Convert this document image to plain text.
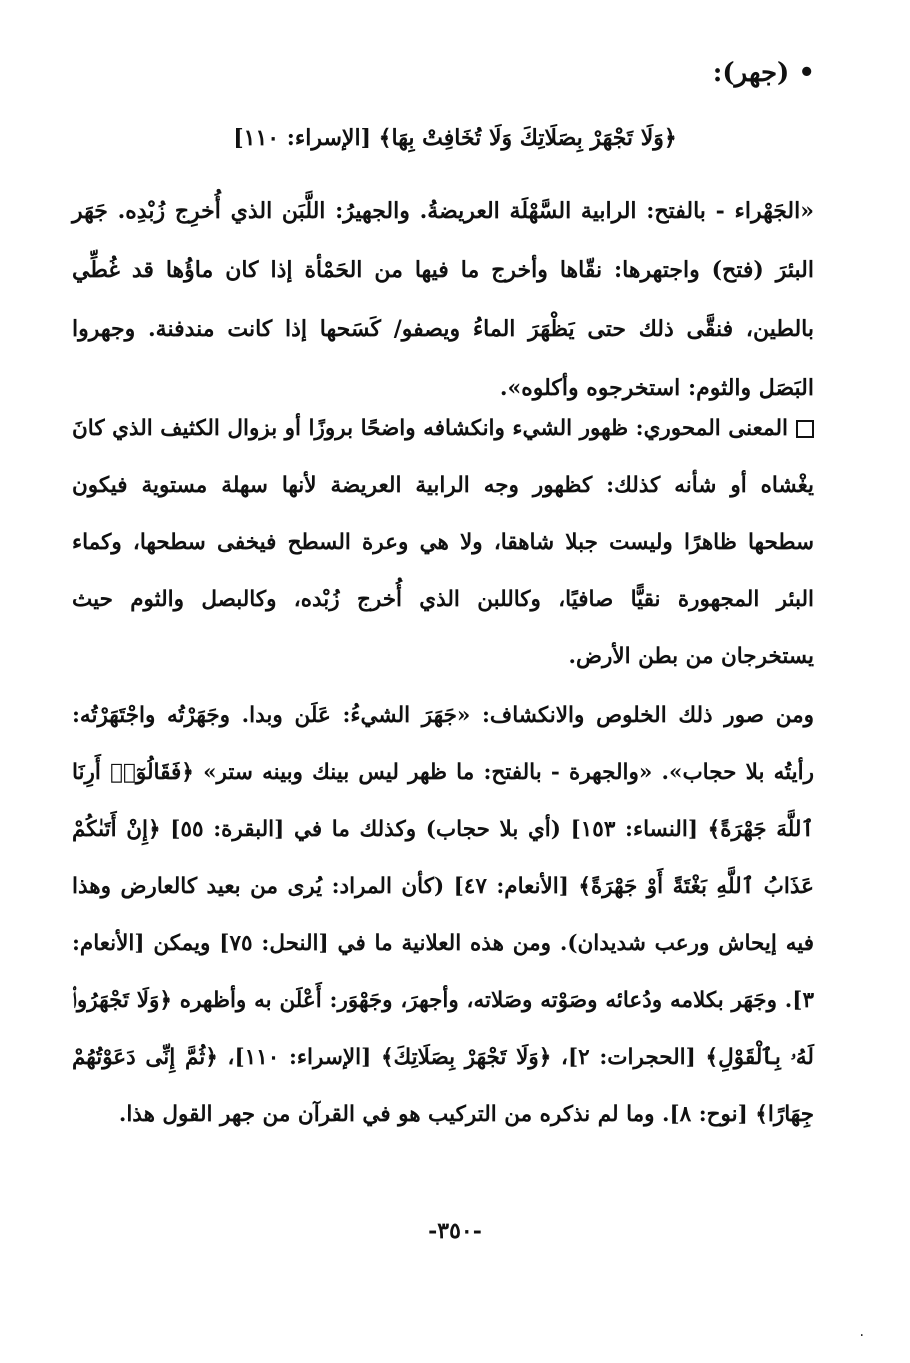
• (جهر):
﴿وَلَا تَجْهَرْ بِصَلَاتِكَ وَلَا تُخَافِتْ بِهَا﴾ [الإسراء: ١١٠]
«الجَهْراء - بالفتح: الرابية السَّهْلَة العريضةُ. والجهيرُ: اللَّبَن الذي أُخرِج زُبْدِه. جَهَر البئرَ (فتح) واجتهرها: نقّاها وأخرج ما فيها من الحَمْأة إذا كان ماؤُها قد غُطِّي بالطين، فنقَّى ذلك حتى يَظْهَرَ الماءُ ويصفو/ كَسَحها إذا كانت مندفنة. وجهروا البَصَل والثوم: استخرجوه وأكلوه».
المعنى المحوري: ظهور الشيء وانكشافه واضحًا بروزًا أو بزوال الكثيف الذي كانَ يغْشاه أو شأنه كذلك: كظهور وجه الرابية العريضة لأنها سهلة مستوية فيكون سطحها ظاهرًا وليست جبلا شاهقا، ولا هي وعرة السطح فيخفى سطحها، وكماء البئر المجهورة نقيًّا صافيًا، وكاللبن الذي أُخرج زُبْده، وكالبصل والثوم حيث يستخرجان من بطن الأرض.
ومن صور ذلك الخلوص والانكشاف: «جَهَرَ الشيءُ: عَلَن وبدا. وجَهَرْتُه واجْتَهَرْتُه: رأيتُه بلا حجاب». «والجهرة - بالفتح: ما ظهر ليس بينك وبينه ستر» ﴿فَقَالُوٓا۟ أَرِنَا ٱللَّهَ جَهْرَةً﴾ [النساء: ١٥٣] (أي بلا حجاب) وكذلك ما في [البقرة: ٥٥] ﴿إِنْ أَتَىٰكُمْ عَذَابُ ٱللَّهِ بَغْتَةً أَوْ جَهْرَةً﴾ [الأنعام: ٤٧] (كأن المراد: يُرى من بعيد كالعارض وهذا فيه إيحاش ورعب شديدان). ومن هذه العلانية ما في [النحل: ٧٥] ويمكن [الأنعام: ٣]. وجَهَر بكلامه ودُعائه وصَوْته وصَلاته، وأجهرَ، وجَهْوَر: أَعْلَن به وأظهره ﴿وَلَا تَجْهَرُوا۟ لَهُۥ بِٱلْقَوْلِ﴾ [الحجرات: ٢]، ﴿وَلَا تَجْهَرْ بِصَلَاتِكَ﴾ [الإسراء: ١١٠]، ﴿ثُمَّ إِنِّى دَعَوْتُهُمْ جِهَارًا﴾ [نوح: ٨]. وما لم نذكره من التركيب هو في القرآن من جهر القول هذا.
-٣٥٠-
٠
